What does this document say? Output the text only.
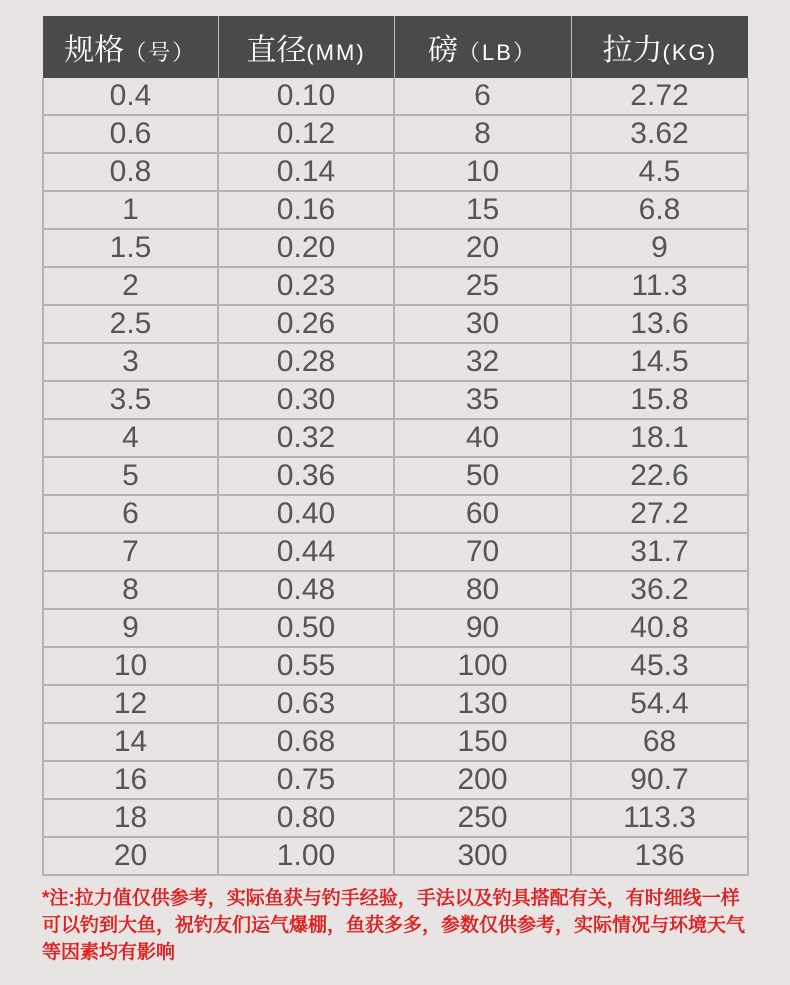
规格（号）	直径(MM)	磅（LB）	拉力(KG)
0.4	0.10	6	2.72
0.6	0.12	8	3.62
0.8	0.14	10	4.5
1	0.16	15	6.8
1.5	0.20	20	9
2	0.23	25	11.3
2.5	0.26	30	13.6
3	0.28	32	14.5
3.5	0.30	35	15.8
4	0.32	40	18.1
5	0.36	50	22.6
6	0.40	60	27.2
7	0.44	70	31.7
8	0.48	80	36.2
9	0.50	90	40.8
10	0.55	100	45.3
12	0.63	130	54.4
14	0.68	150	68
16	0.75	200	90.7
18	0.80	250	113.3
20	1.00	300	136
*注:拉力值仅供参考，实际鱼获与钓手经验，手法以及钓具搭配有关，有时细线一样可以钓到大鱼，祝钓友们运气爆棚，鱼获多多，参数仅供参考，实际情况与环境天气等因素均有影响
